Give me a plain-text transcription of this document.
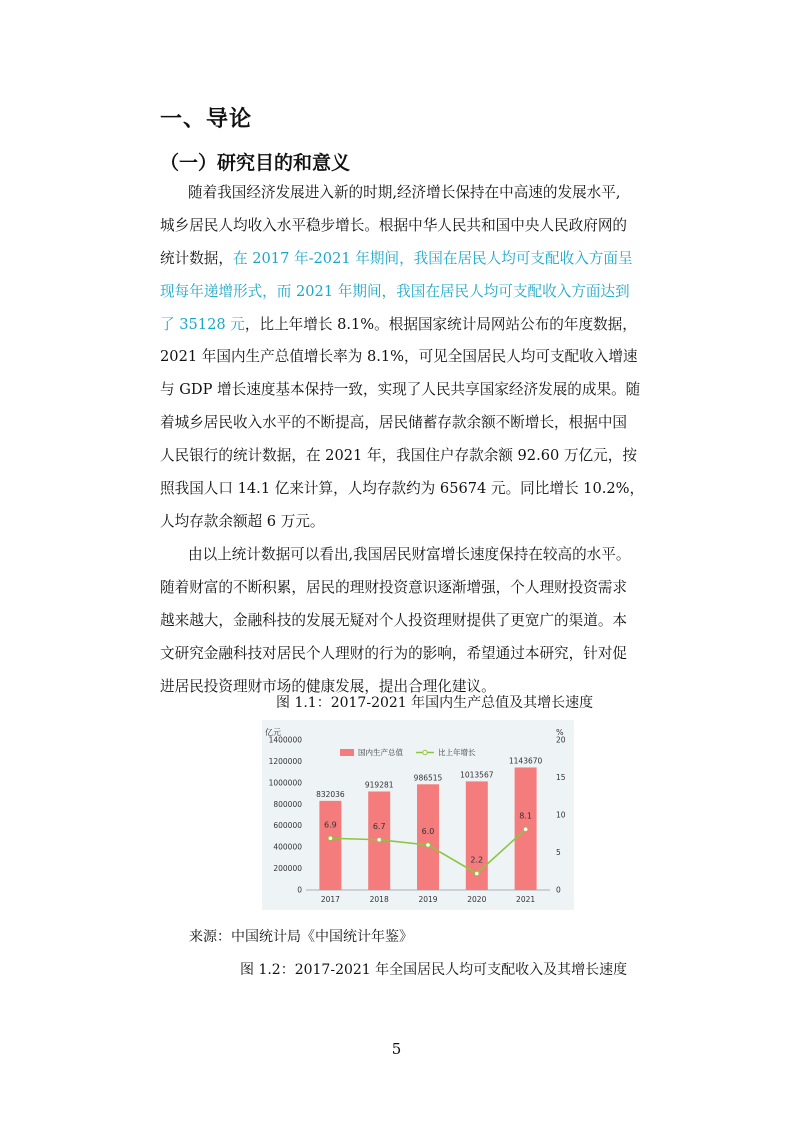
一、导论
（一）研究目的和意义
随着我国经济发展进入新的时期,经济增长保持在中高速的发展水平,
城乡居民人均收入水平稳步增长。根据中华人民共和国中央人民政府网的
统计数据，在 2017 年-2021 年期间，我国在居民人均可支配收入方面呈
现每年递增形式，而 2021 年期间，我国在居民人均可支配收入方面达到
了 35128 元，比上年增长 8.1%。根据国家统计局网站公布的年度数据，
2021 年国内生产总值增长率为 8.1%，可见全国居民人均可支配收入增速
与 GDP 增长速度基本保持一致，实现了人民共享国家经济发展的成果。随
着城乡居民收入水平的不断提高，居民储蓄存款余额不断增长，根据中国
人民银行的统计数据，在 2021 年，我国住户存款余额 92.60 万亿元，按
照我国人口 14.1 亿来计算，人均存款约为 65674 元。同比增长 10.2%，
人均存款余额超 6 万元。
由以上统计数据可以看出,我国居民财富增长速度保持在较高的水平。
随着财富的不断积累，居民的理财投资意识逐渐增强，个人理财投资需求
越来越大，金融科技的发展无疑对个人投资理财提供了更宽广的渠道。本
文研究金融科技对居民个人理财的行为的影响，希望通过本研究，针对促
进居民投资理财市场的健康发展，提出合理化建议。
图 1.1：2017-2021 年国内生产总值及其增长速度
亿元	%
国内生产总值	比上年增长
0
200000
400000
600000
800000
1000000
1200000
1400000
0
5
10
15
20
832036
2017
919281
2018
986515
2019
1013567
2020
1143670
2021
6.9	6.7
6.0
2.2
8.1
来源：中国统计局《中国统计年鉴》
图 1.2：2017-2021 年全国居民人均可支配收入及其增长速度
5
